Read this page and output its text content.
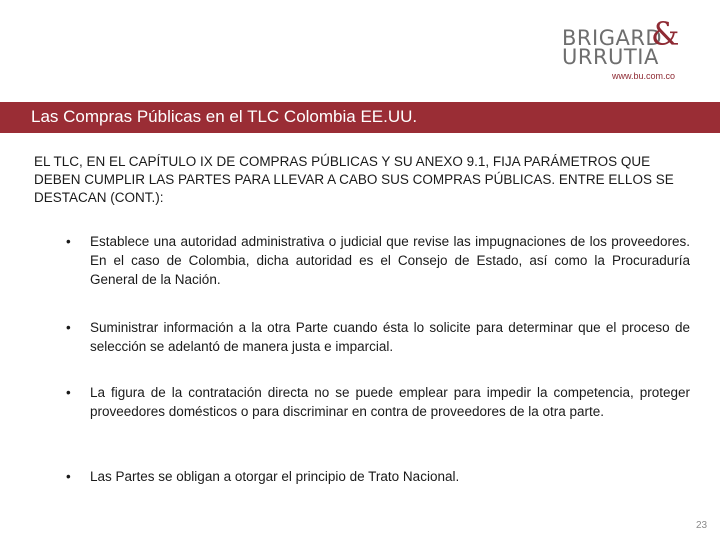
BRIGARD
&
URRUTIA
www.bu.com.co
Las Compras Públicas en el TLC Colombia EE.UU.

EL TLC, EN EL CAPÍTULO IX DE COMPRAS PÚBLICAS Y SU ANEXO 9.1, FIJA PARÁMETROS QUE DEBEN CUMPLIR LAS PARTES PARA LLEVAR A CABO SUS COMPRAS PÚBLICAS. ENTRE ELLOS SE DESTACAN (CONT.):

• Establece una autoridad administrativa o judicial que revise las impugnaciones de los proveedores. En el caso de Colombia, dicha autoridad es el Consejo de Estado, así como la Procuraduría General de la Nación.
• Suministrar información a la otra Parte cuando ésta lo solicite para determinar que el proceso de selección se adelantó de manera justa e imparcial.
• La figura de la contratación directa no se puede emplear para impedir la competencia, proteger proveedores domésticos o para discriminar en contra de proveedores de la otra parte.
• Las Partes se obligan a otorgar el principio de Trato Nacional.
23
